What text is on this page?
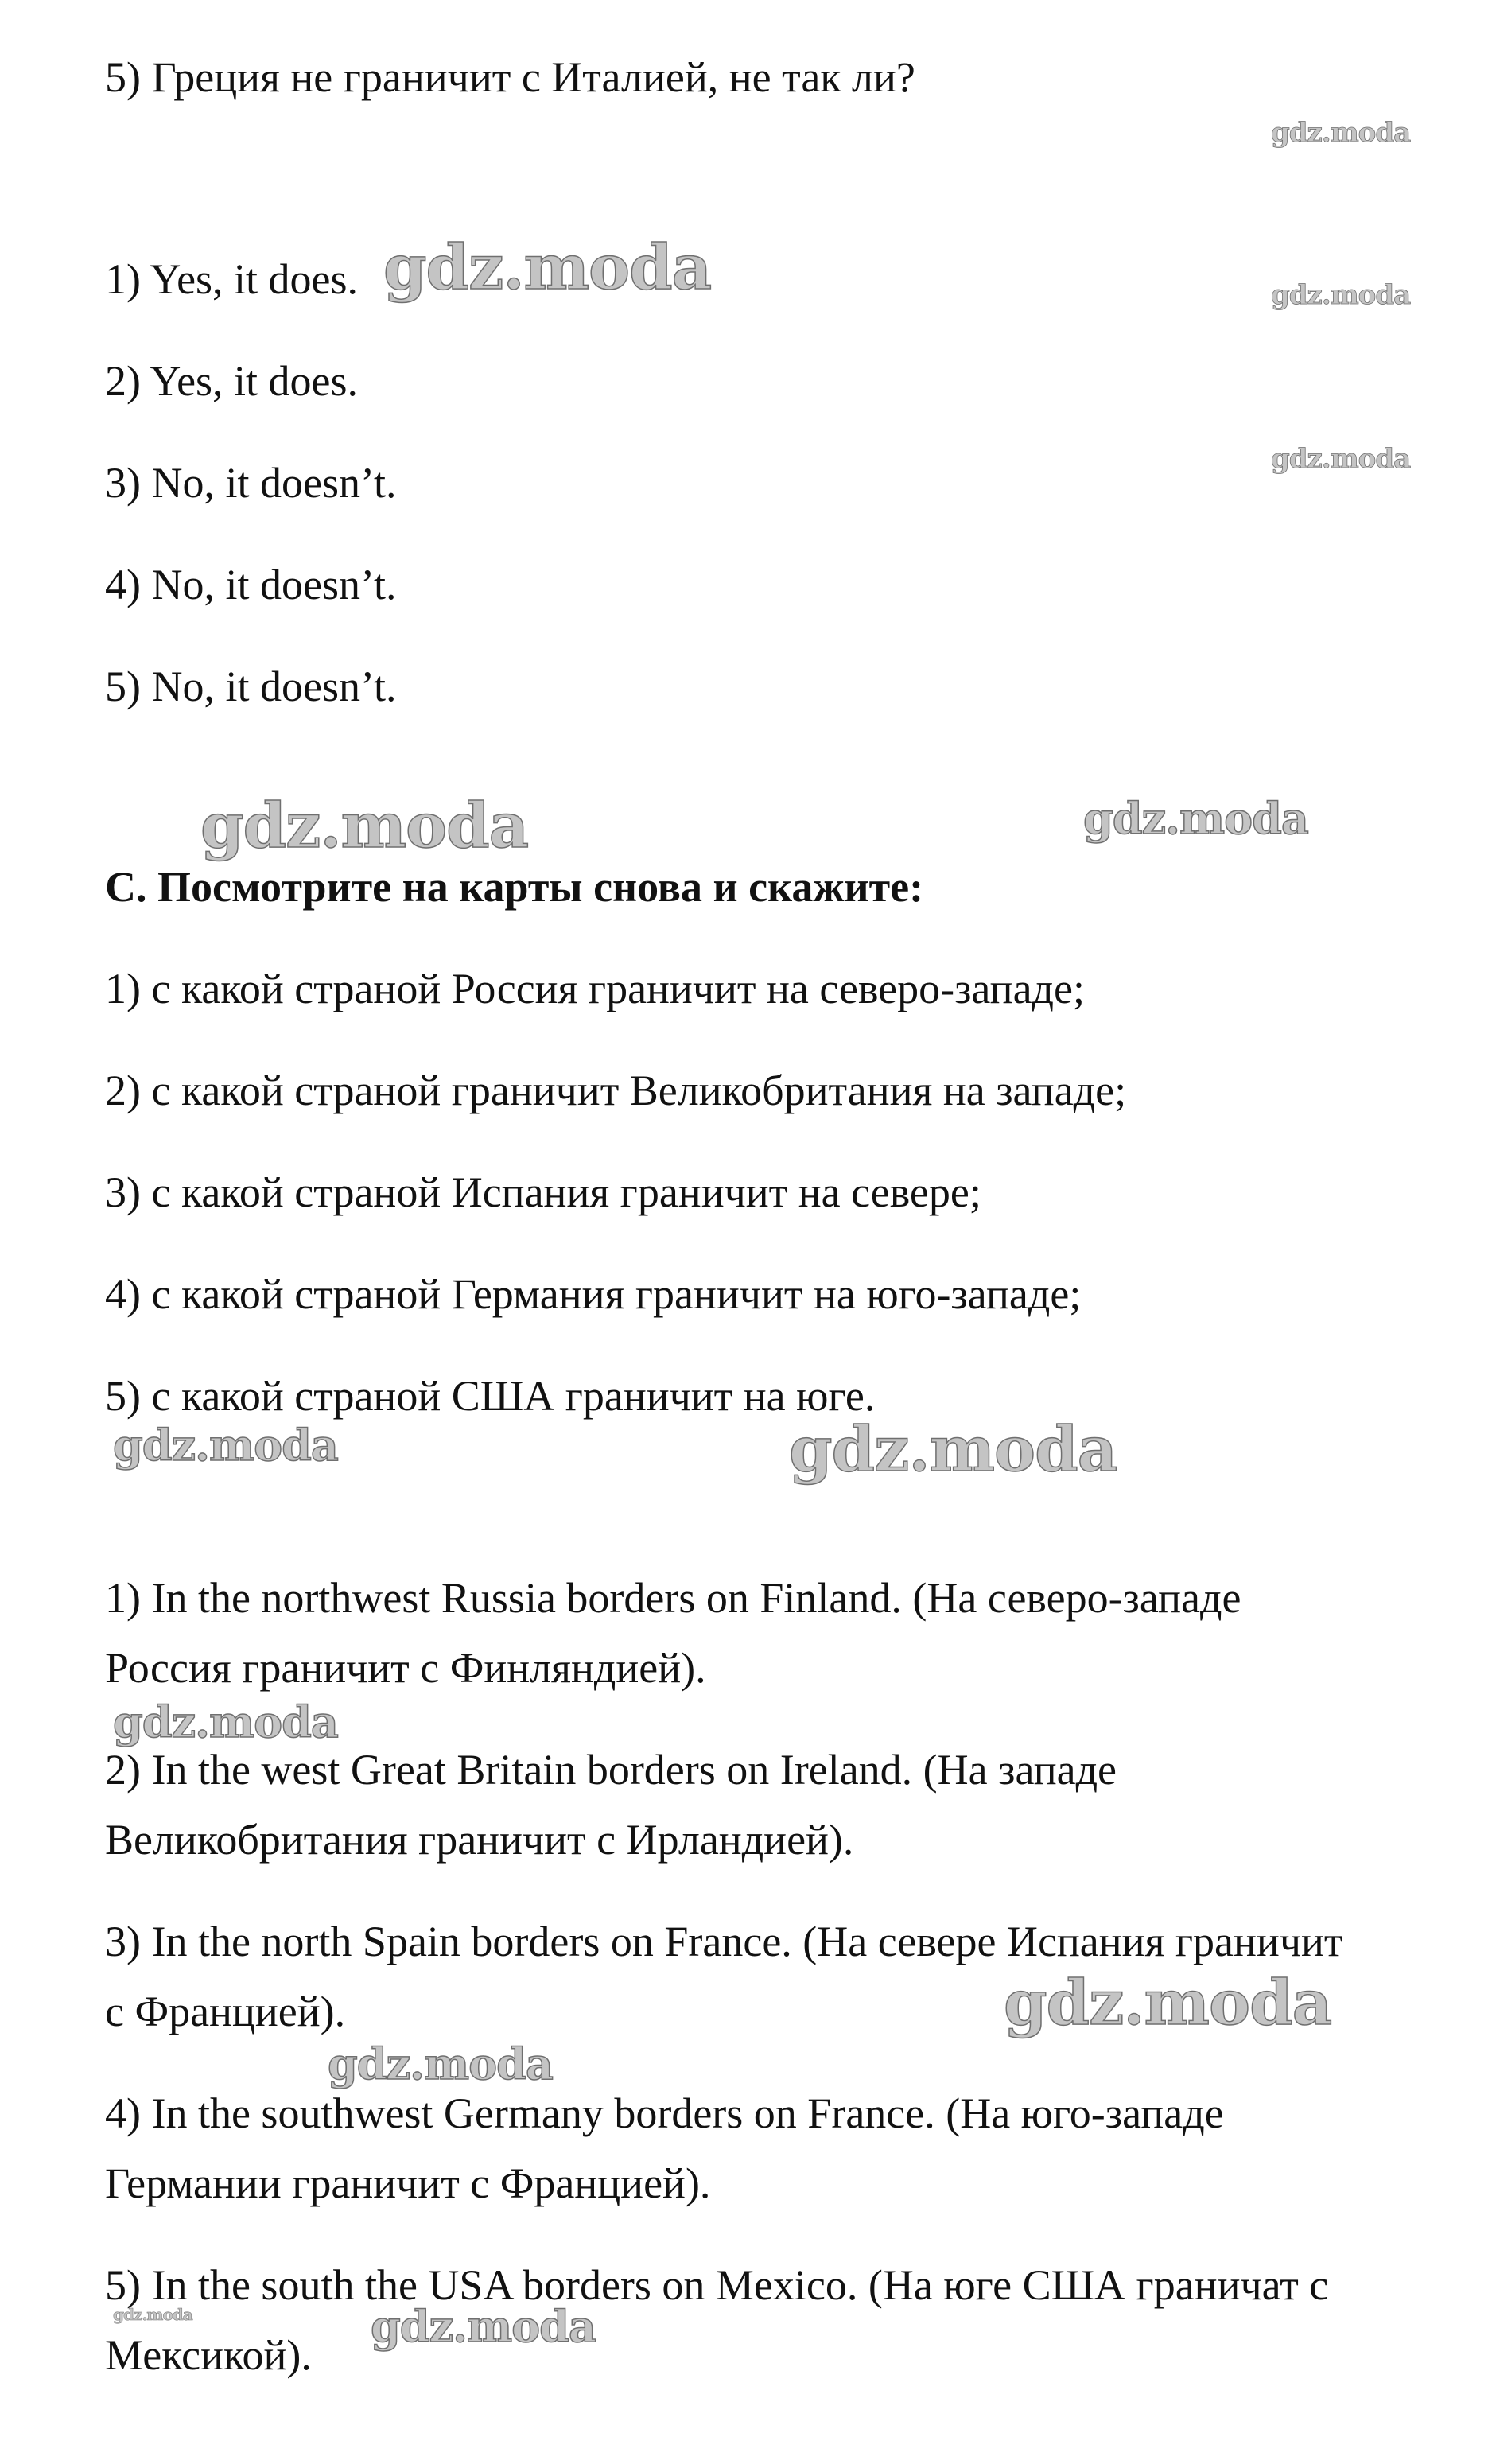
5) Греция не граничит с Италией, не так ли?

1) Yes, it does.

2) Yes, it does.

3) No, it doesn’t.

4) No, it doesn’t.

5) No, it doesn’t.

C. Посмотрите на карты снова и скажите:

1) с какой страной Россия граничит на северо-западе;

2) с какой страной граничит Великобритания на западе;

3) с какой страной Испания граничит на севере;

4) с какой страной Германия граничит на юго-западе;

5) с какой страной США граничит на юге.

1) In the northwest Russia borders on Finland. (На северо-западе

Россия граничит с Финляндией).

2) In the west Great Britain borders on Ireland. (На западе

Великобритания граничит с Ирландией).

3) In the north Spain borders on France. (На севере Испания граничит

с Францией).

4) In the southwest Germany borders on France. (На юго-западе

Германии граничит с Францией).

5) In the south the USA borders on Mexico. (На юге США граничат с

Мексикой).

gdz.moda
gdz.moda	gdz.moda
gdz.moda
gdz.moda	gdz.moda
gdz.moda	gdz.moda
gdz.moda
gdz.moda
gdz.moda
gdz.moda	gdz.moda
